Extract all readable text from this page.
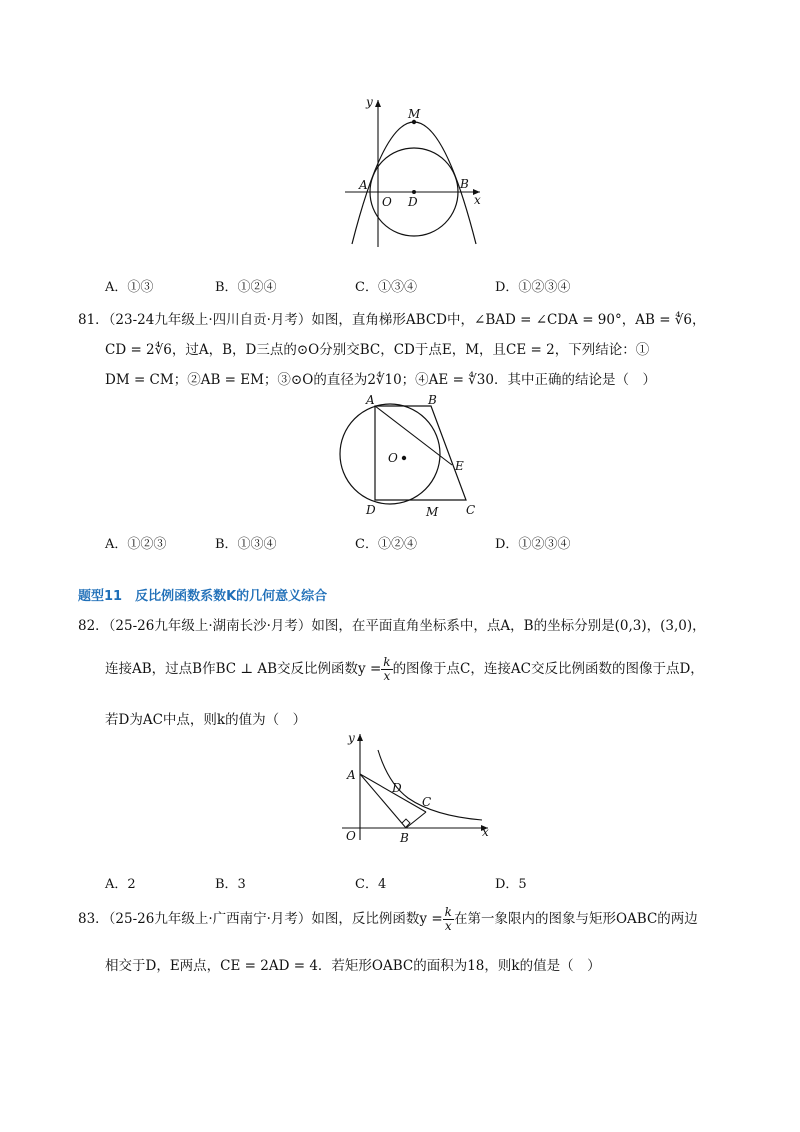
y
M
A	B
O D	x
A．①③	B．①②④	C．①③④	D．①②③④
81．（23-24九年级上·四川自贡·月考）如图，直角梯形ABCD中，∠BAD = ∠CDA = 90°，AB = ∜6，
CD = 2∜6，过A，B，D三点的⊙O分别交BC，CD于点E，M，且CE = 2，下列结论：①
DM = CM；②AB = EM；③⊙O的直径为2∜10；④AE = ∜30．其中正确的结论是（　）
A	B
O
E
D	M C
A．①②③	B．①③④	C．①②④	D．①②③④
题型11　反比例函数系数K的几何意义综合
82．（25-26九年级上·湖南长沙·月考）如图，在平面直角坐标系中，点A，B的坐标分别是(0,3)，(3,0)，
连接AB，过点B作BC ⊥ AB交反比例函数$y = \frac{k}{x}$ 的图像于点C，连接AC交反比例函数的图像于点D，
若D为AC中点，则k的值为（　）
y
A
D
C
O	B	x
A．2	B．3	C．4	D．5
83．（25-26九年级上·广西南宁·月考）如图，反比例函数$y = \frac{k}{x}$ 在第一象限内的图象与矩形OABC的两边
相交于D，E两点，CE = 2AD = 4．若矩形OABC的面积为18，则k的值是（　）
